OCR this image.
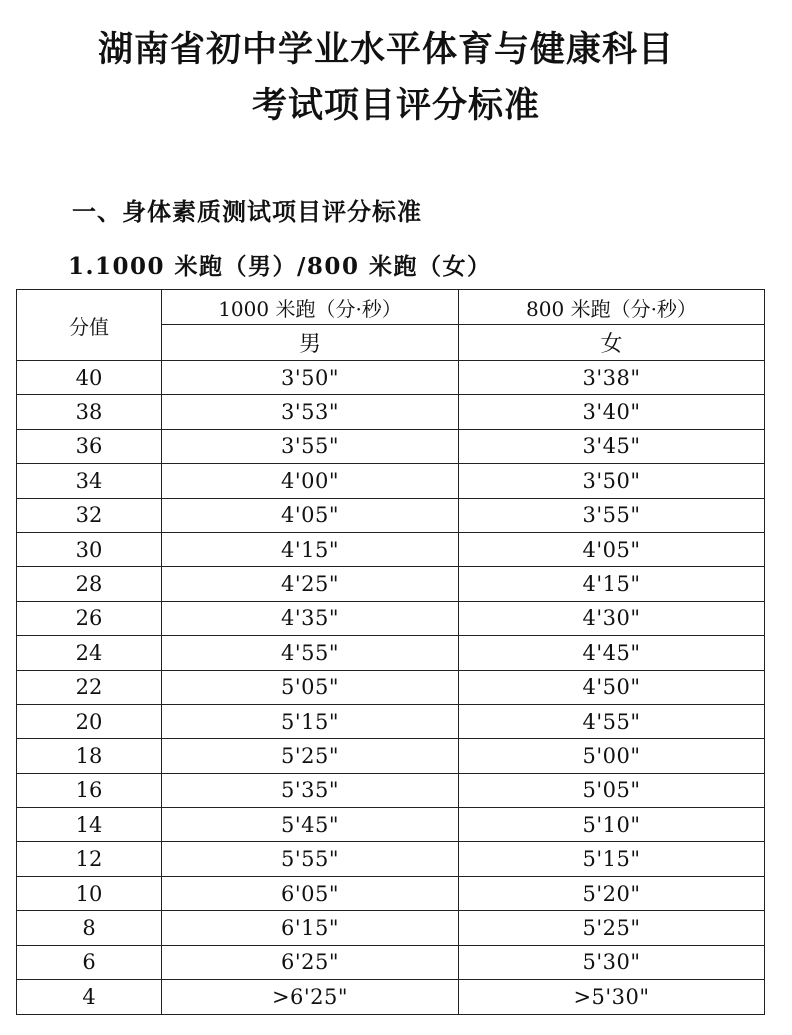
湖南省初中学业水平体育与健康科目
考试项目评分标准
一、身体素质测试项目评分标准
1.1000 米跑（男）/800 米跑（女）
分值	1000 米跑（分·秒）	800 米跑（分·秒）
	男	女
40	3'50"	3'38"
38	3'53"	3'40"
36	3'55"	3'45"
34	4'00"	3'50"
32	4'05"	3'55"
30	4'15"	4'05"
28	4'25"	4'15"
26	4'35"	4'30"
24	4'55"	4'45"
22	5'05"	4'50"
20	5'15"	4'55"
18	5'25"	5'00"
16	5'35"	5'05"
14	5'45"	5'10"
12	5'55"	5'15"
10	6'05"	5'20"
8	6'15"	5'25"
6	6'25"	5'30"
4	>6'25"	>5'30"
